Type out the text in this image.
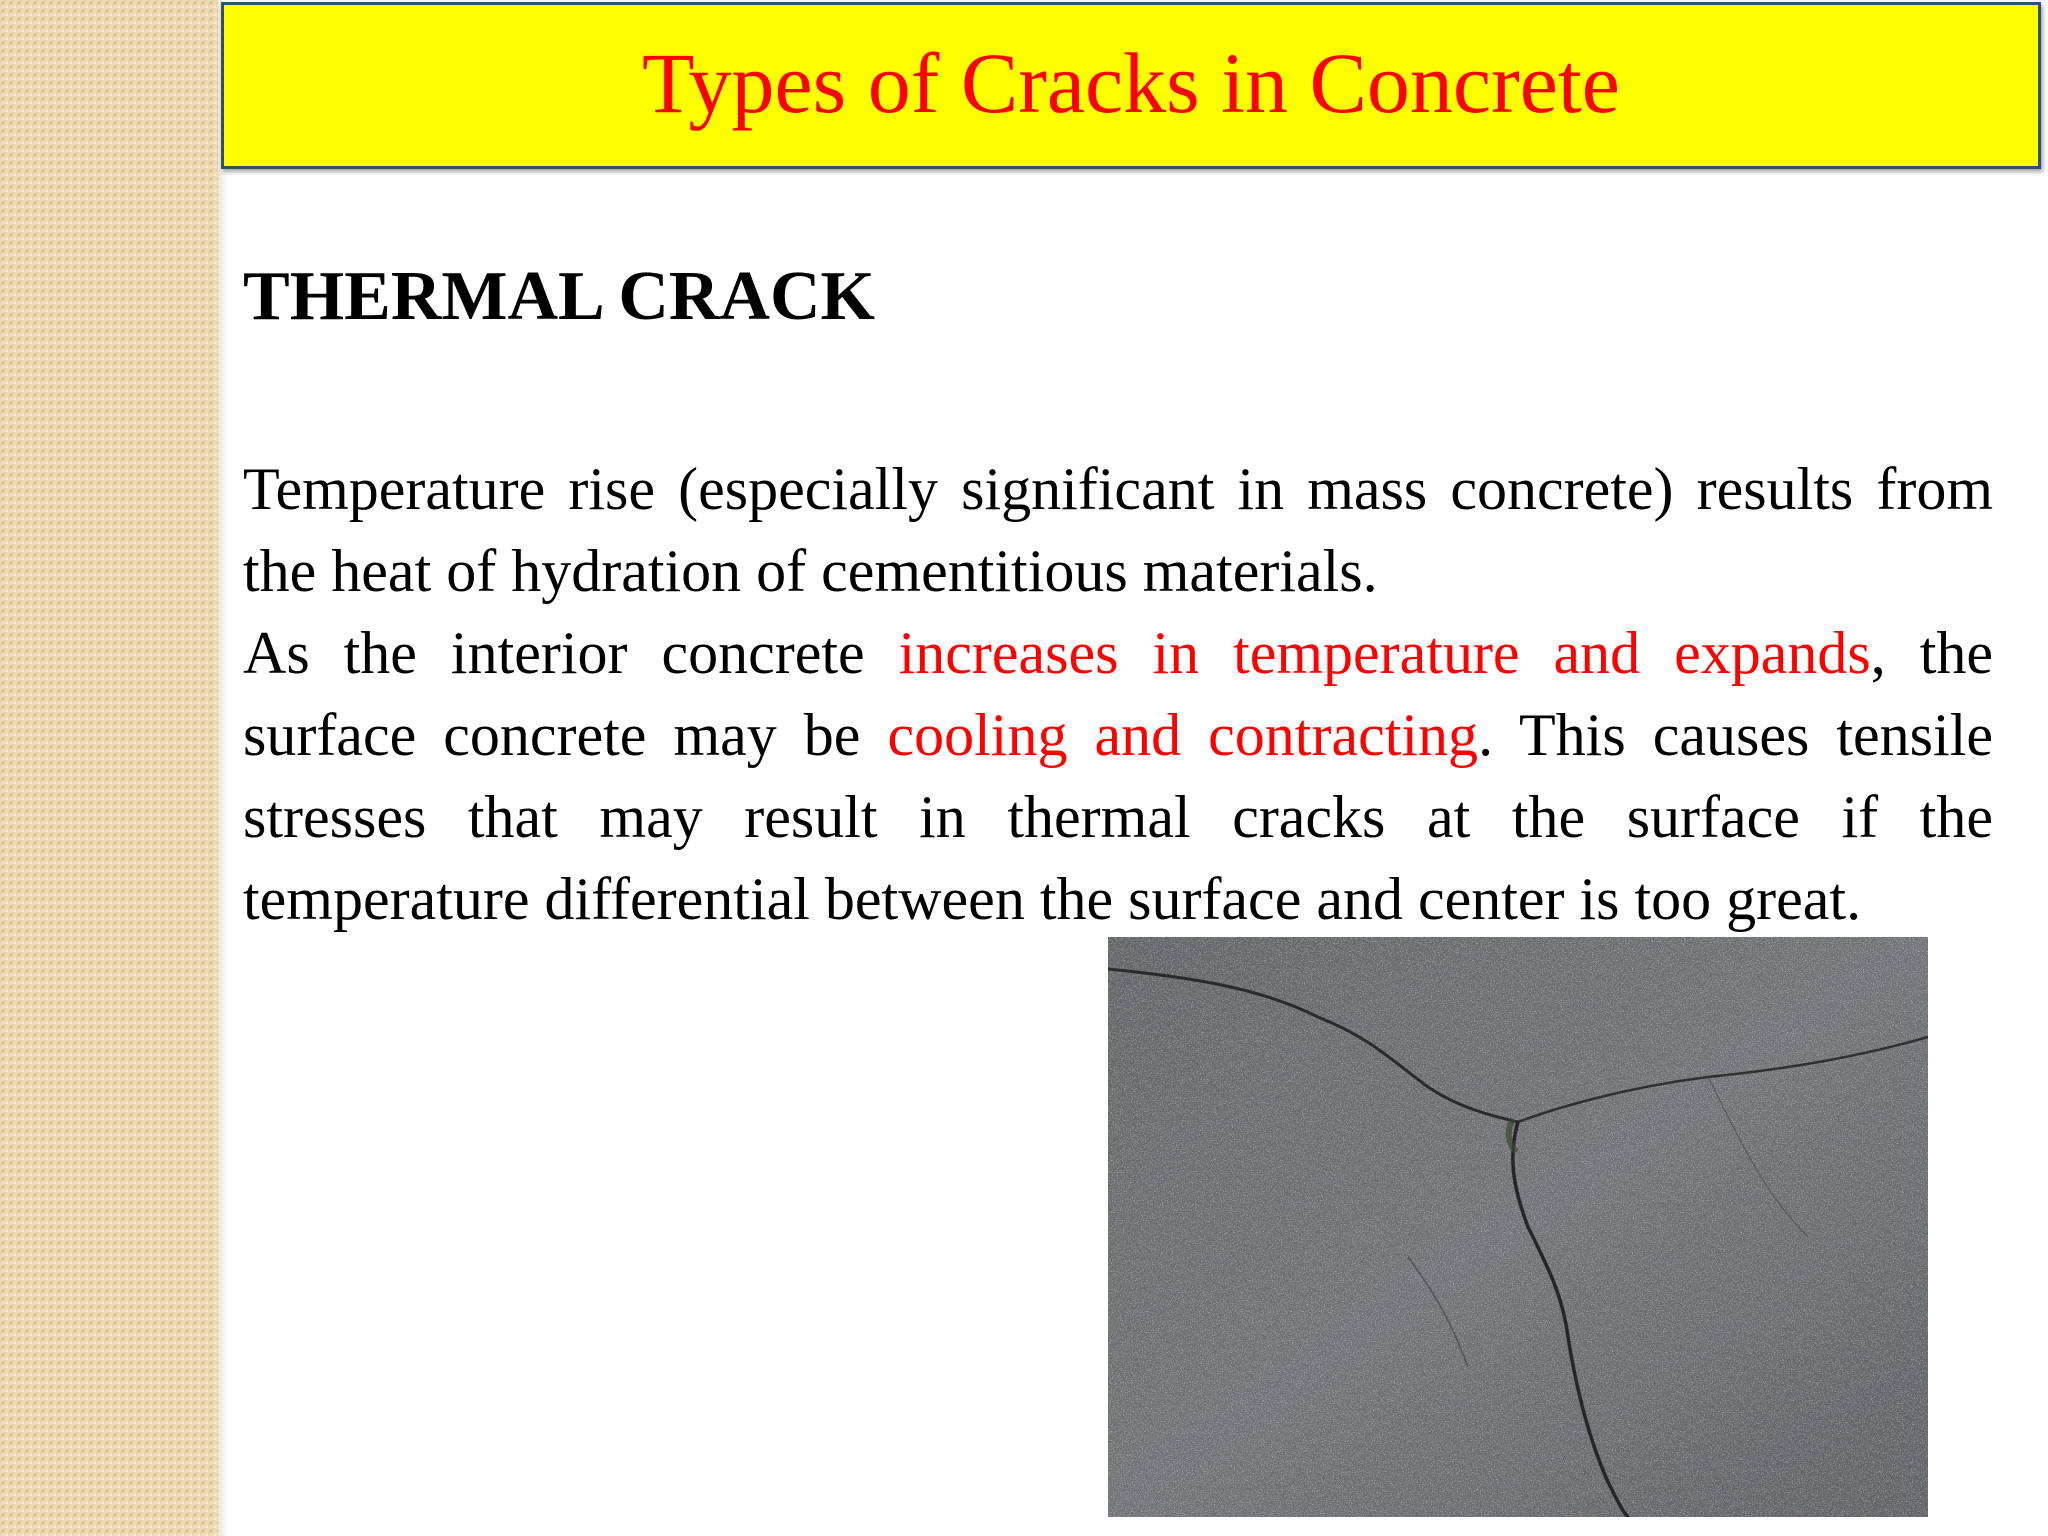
Types of Cracks in Concrete
THERMAL CRACK

Temperature rise (especially significant in mass concrete) results from the heat of hydration of cementitious materials.

As the interior concrete increases in temperature and expands, the surface concrete may be cooling and contracting. This causes tensile stresses that may result in thermal cracks at the surface if the temperature differential between the surface and center is too great.
